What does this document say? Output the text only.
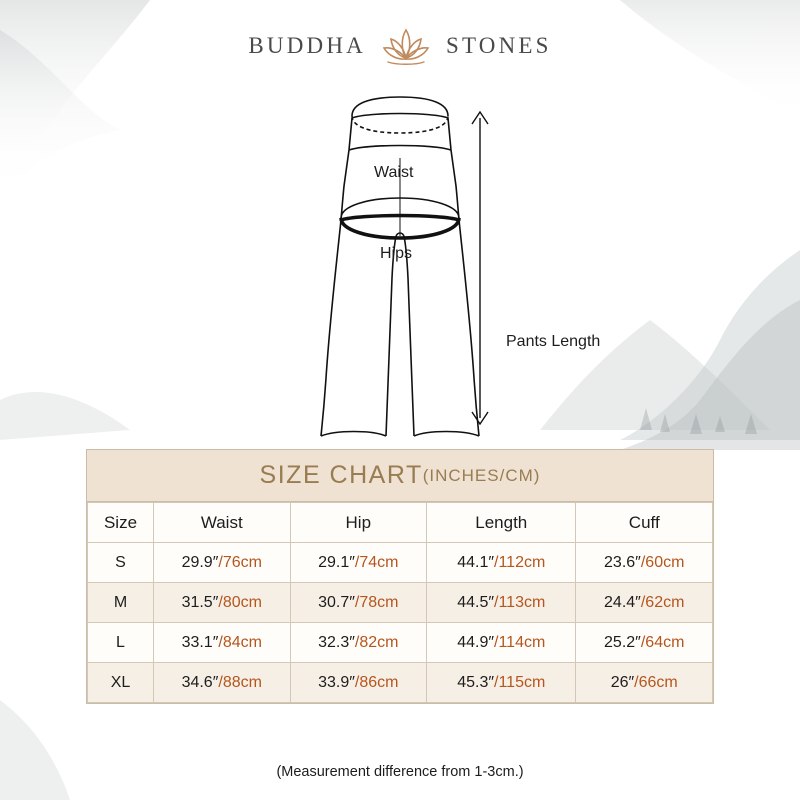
BUDDHA	STONES
Waist
Hips
Pants Length
SIZE CHART (INCHES/CM)
Size	Waist	Hip	Length	Cuff
S	29.9″/76cm	29.1″/74cm	44.1″/112cm	23.6″/60cm
M	31.5″/80cm	30.7″/78cm	44.5″/113cm	24.4″/62cm
L	33.1″/84cm	32.3″/82cm	44.9″/114cm	25.2″/64cm
XL	34.6″/88cm	33.9″/86cm	45.3″/115cm	26″/66cm
(Measurement difference from 1-3cm.)
